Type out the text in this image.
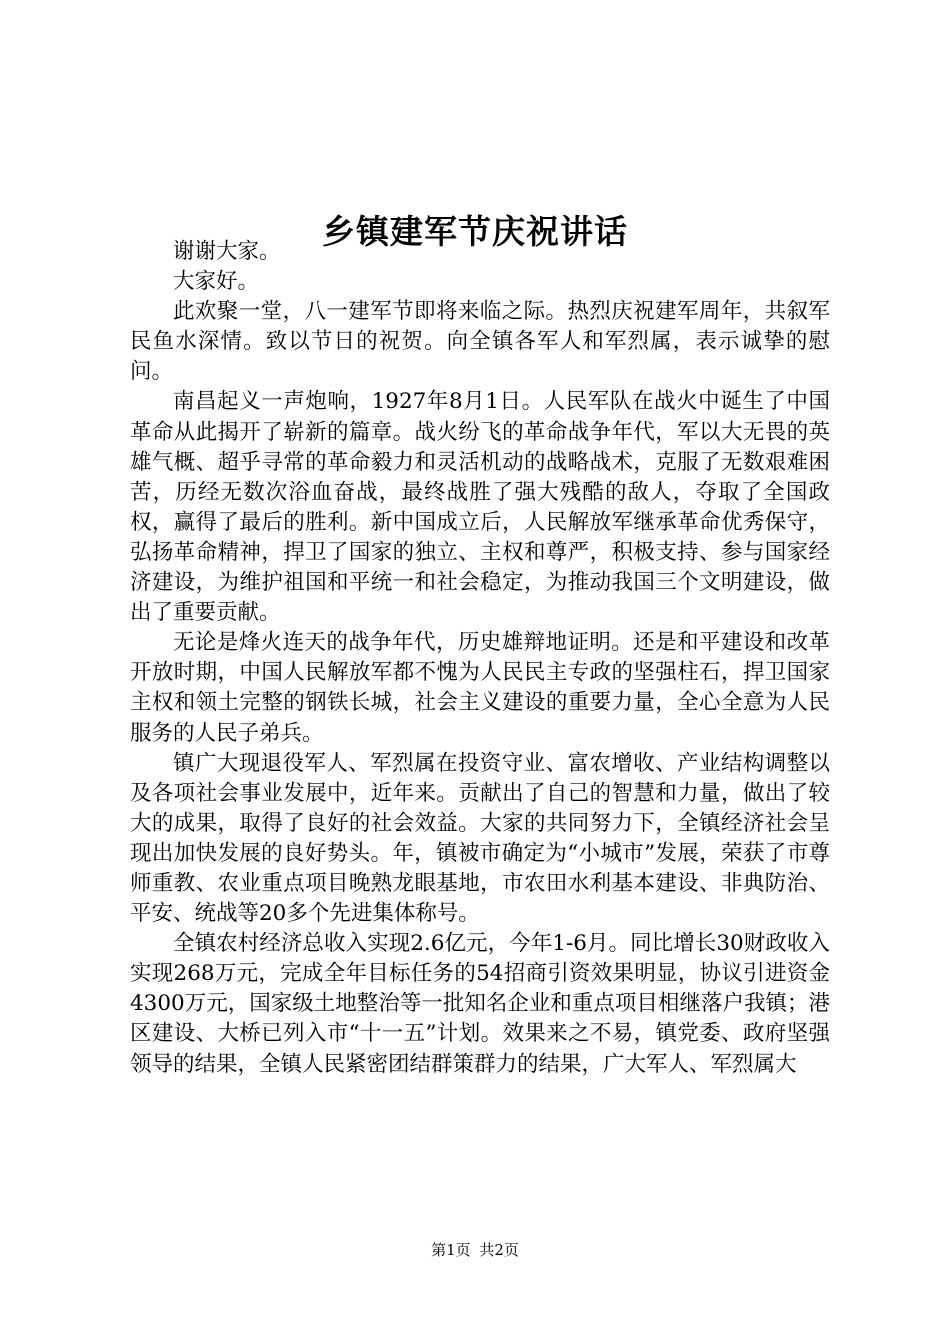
乡镇建军节庆祝讲话

谢谢大家。

大家好。

此欢聚一堂，八一建军节即将来临之际。热烈庆祝建军周年，共叙军民鱼水深情。致以节日的祝贺。向全镇各军人和军烈属，表示诚挚的慰问。

南昌起义一声炮响，1927年8月1日。人民军队在战火中诞生了中国革命从此揭开了崭新的篇章。战火纷飞的革命战争年代，军以大无畏的英雄气概、超乎寻常的革命毅力和灵活机动的战略战术，克服了无数艰难困苦，历经无数次浴血奋战，最终战胜了强大残酷的敌人，夺取了全国政权，赢得了最后的胜利。新中国成立后，人民解放军继承革命优秀保守，弘扬革命精神，捍卫了国家的独立、主权和尊严，积极支持、参与国家经济建设，为维护祖国和平统一和社会稳定，为推动我国三个文明建设，做出了重要贡献。

无论是烽火连天的战争年代，历史雄辩地证明。还是和平建设和改革开放时期，中国人民解放军都不愧为人民民主专政的坚强柱石，捍卫国家主权和领土完整的钢铁长城，社会主义建设的重要力量，全心全意为人民服务的人民子弟兵。

镇广大现退役军人、军烈属在投资守业、富农增收、产业结构调整以及各项社会事业发展中，近年来。贡献出了自己的智慧和力量，做出了较大的成果，取得了良好的社会效益。大家的共同努力下，全镇经济社会呈现出加快发展的良好势头。年，镇被市确定为“小城市”发展，荣获了市尊师重教、农业重点项目晚熟龙眼基地，市农田水利基本建设、非典防治、平安、统战等20多个先进集体称号。

全镇农村经济总收入实现2.6亿元，今年1-6月。同比增长30财政收入实现268万元，完成全年目标任务的54招商引资效果明显，协议引进资金4300万元，国家级土地整治等一批知名企业和重点项目相继落户我镇；港区建设、大桥已列入市“十一五”计划。效果来之不易，镇党委、政府坚强领导的结果，全镇人民紧密团结群策群力的结果，广大军人、军烈属大

第1页 共2页
